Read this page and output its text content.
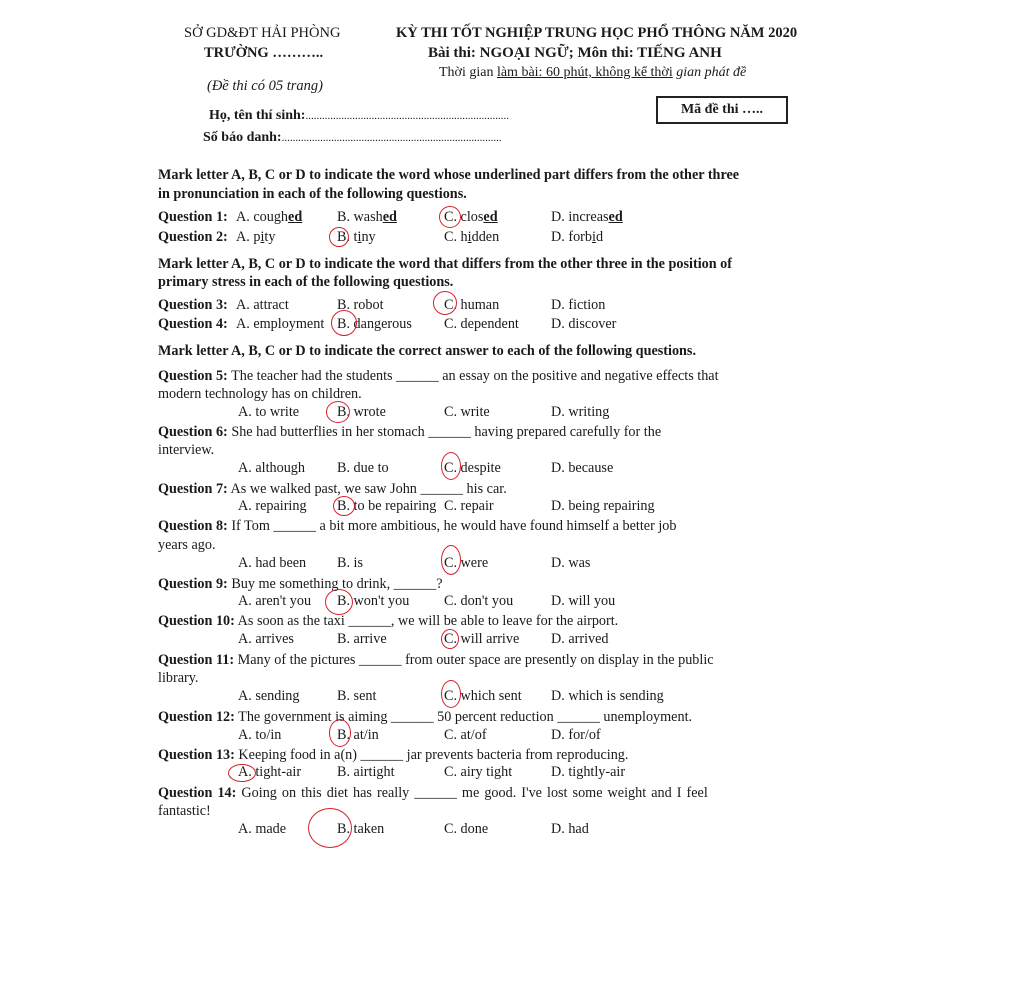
SỞ GD&ĐT HẢI PHÒNG
TRƯỜNG ………..
(Đề thi có 05 trang)
KỲ THI TỐT NGHIỆP TRUNG HỌC PHỔ THÔNG NĂM 2020
Bài thi: NGOẠI NGỮ; Môn thi: TIẾNG ANH
Thời gian làm bài: 60 phút, không kể thời gian phát đề
Họ, tên thí sinh:..........................................................................
Số báo danh:................................................................................
Mã đề thi …..
Mark letter A, B, C or D to indicate the word whose underlined part differs from the other three
in pronunciation in each of the following questions.
Question 1: A. coughed B. washed	C. closed	D. increased
Question 2: A. pity	B. tiny	C. hidden	D. forbid
Mark letter A, B, C or D to indicate the word that differs from the other three in the position of
primary stress in each of the following questions.
Question 3: A. attract	B. robot	C. human	D. fiction
Question 4: A. employment B. dangerous C. dependent D. discover
Mark letter A, B, C or D to indicate the correct answer to each of the following questions.
Question 5: The teacher had the students ______ an essay on the positive and negative effects that
modern technology has on children.
A. to write	B. wrote	C. write	D. writing
Question 6: She had butterflies in her stomach ______ having prepared carefully for the
interview.
A. although B. due to	C. despite	D. because
Question 7: As we walked past, we saw John ______ his car.
A. repairing B. to be repairing C. repair	D. being repairing
Question 8: If Tom ______ a bit more ambitious, he would have found himself a better job
years ago.
A. had been B. is	C. were	D. was
Question 9: Buy me something to drink, ______?
A. aren't you B. won't you C. don't you	D. will you
Question 10: As soon as the taxi ______, we will be able to leave for the airport.
A. arrives	B. arrive	C. will arrive D. arrived
Question 11: Many of the pictures ______ from outer space are presently on display in the public
library.
A. sending	B. sent	C. which sent D. which is sending
Question 12: The government is aiming ______ 50 percent reduction ______ unemployment.
A. to/in	B. at/in	C. at/of	D. for/of
Question 13: Keeping food in a(n) ______ jar prevents bacteria from reproducing.
A. tight-air	B. airtight	C. airy tight	D. tightly-air
Question 14: Going on this diet has really ______ me good. I've lost some weight and I feel
fantastic!
A. made	B. taken	C. done	D. had
